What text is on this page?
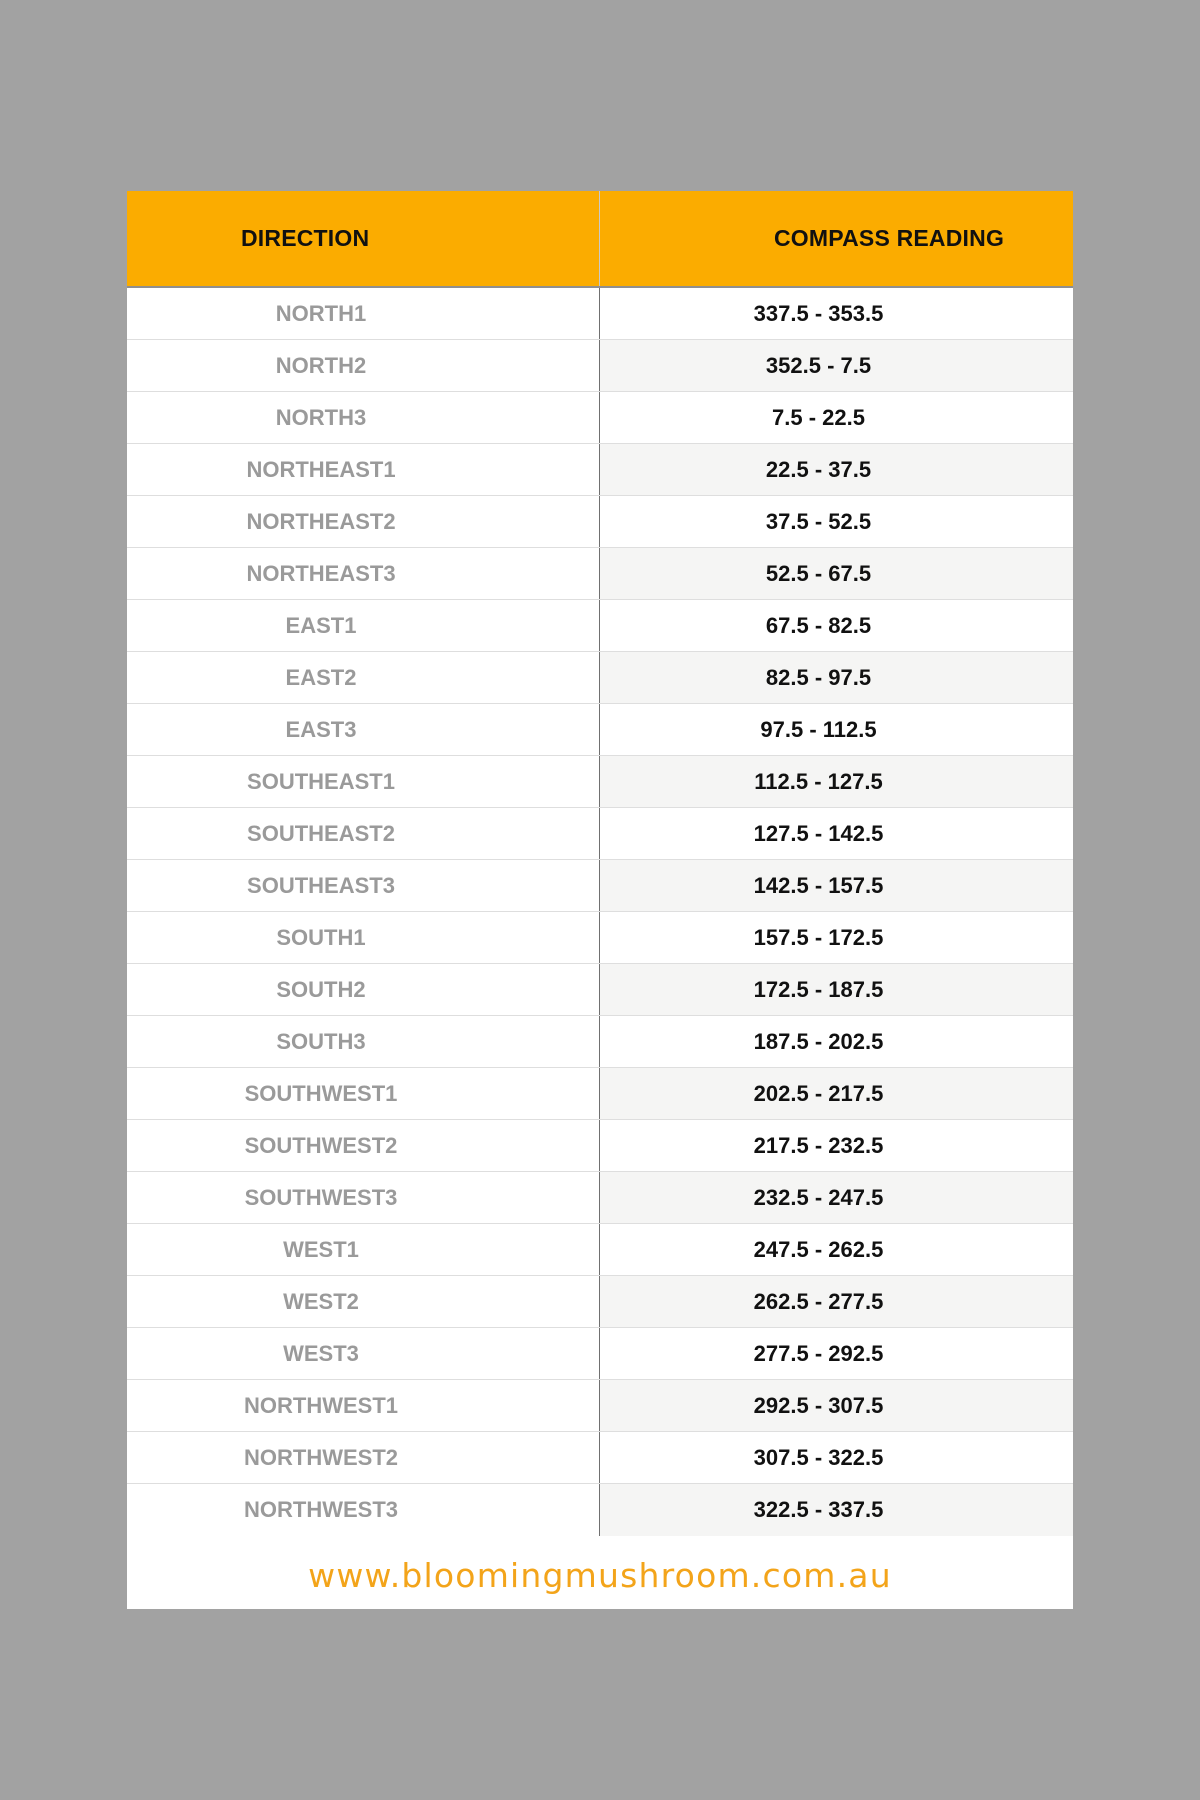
DIRECTION	COMPASS READING
NORTH1	337.5 - 353.5
NORTH2	352.5 - 7.5
NORTH3	7.5 - 22.5
NORTHEAST1	22.5 - 37.5
NORTHEAST2	37.5 - 52.5
NORTHEAST3	52.5 - 67.5
EAST1	67.5 - 82.5
EAST2	82.5 - 97.5
EAST3	97.5 - 112.5
SOUTHEAST1	112.5 - 127.5
SOUTHEAST2	127.5 - 142.5
SOUTHEAST3	142.5 - 157.5
SOUTH1	157.5 - 172.5
SOUTH2	172.5 - 187.5
SOUTH3	187.5 - 202.5
SOUTHWEST1	202.5 - 217.5
SOUTHWEST2	217.5 - 232.5
SOUTHWEST3	232.5 - 247.5
WEST1	247.5 - 262.5
WEST2	262.5 - 277.5
WEST3	277.5 - 292.5
NORTHWEST1	292.5 - 307.5
NORTHWEST2	307.5 - 322.5
NORTHWEST3	322.5 - 337.5
www.bloomingmushroom.com.au
